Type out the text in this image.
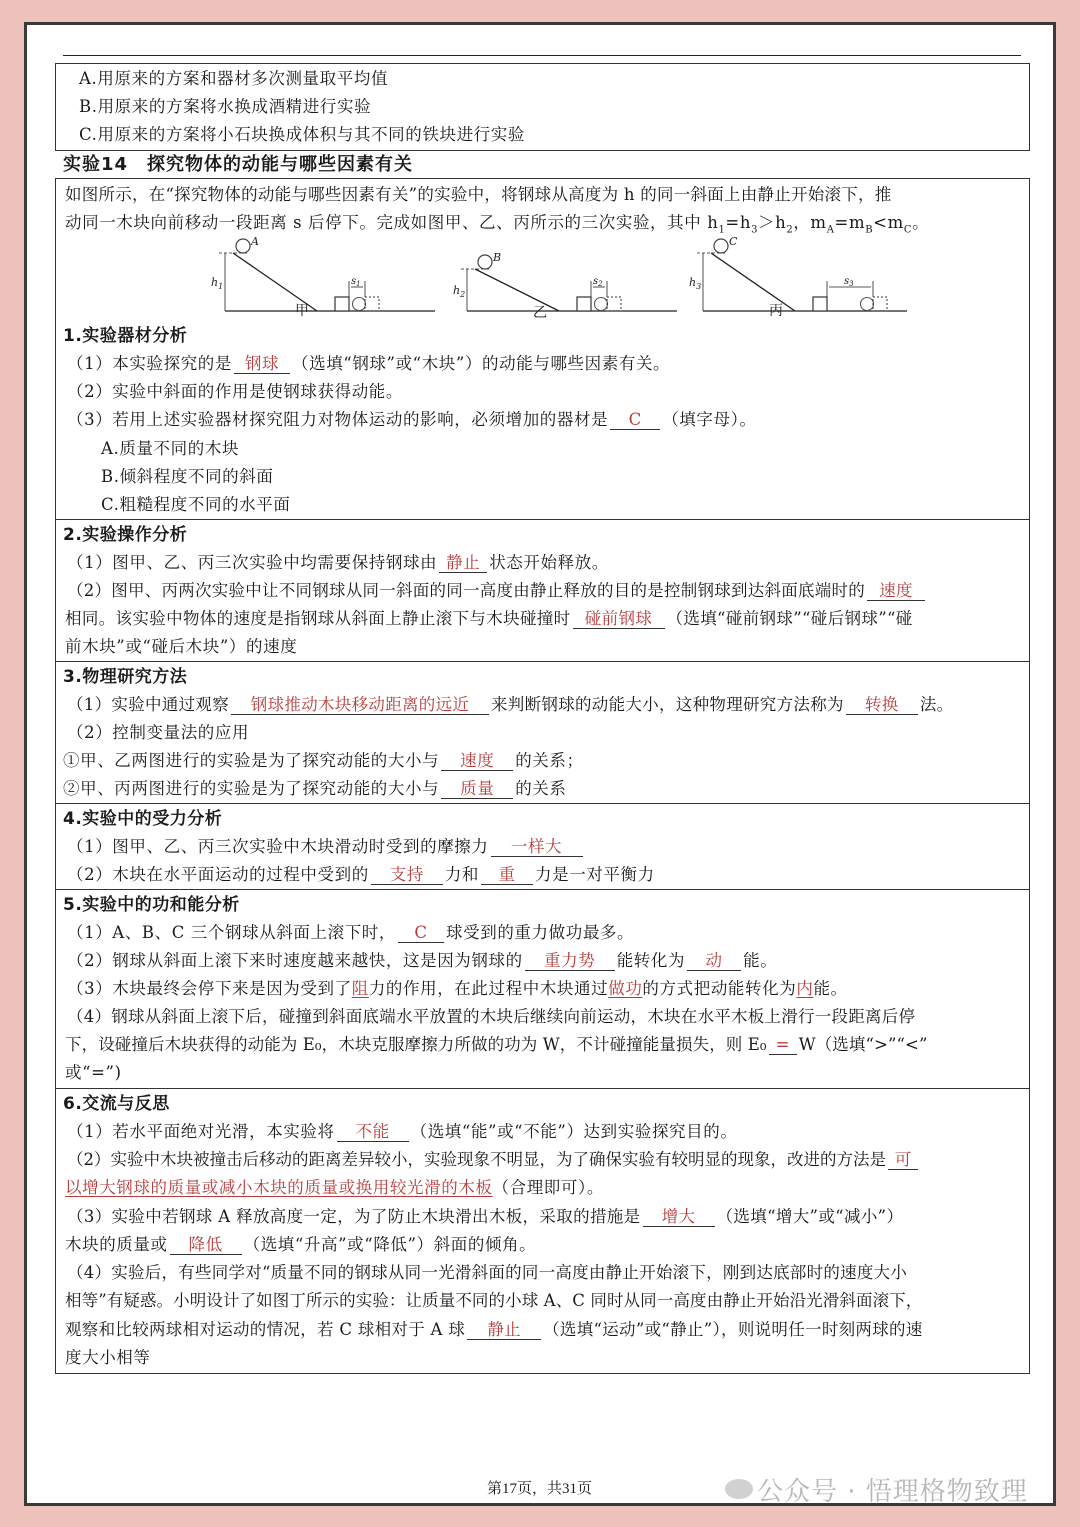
A.用原来的方案和器材多次测量取平均值
B.用原来的方案将水换成酒精进行实验
C.用原来的方案将小石块换成体积与其不同的铁块进行实验
实验14　探究物体的动能与哪些因素有关
如图所示，在“探究物体的动能与哪些因素有关”的实验中，将钢球从高度为 h 的同一斜面上由静止开始滚下，推
动同一木块向前移动一段距离 s 后停下。完成如图甲、乙、丙所示的三次实验，其中 $h_1=h_3>h_2$，$m_A=m_B<m_C$。
$h_1$
A
$s_1$	$h_2$
B
$s_2$	$h_3$
C
$s_3$
甲	乙	丙
1.实验器材分析
（1）本实验探究的是 钢球 （选填“钢球”或“木块”）的动能与哪些因素有关。
（2）实验中斜面的作用是使钢球获得动能。
（3）若用上述实验器材探究阻力对物体运动的影响，必须增加的器材是 C （填字母）。
A.质量不同的木块
B.倾斜程度不同的斜面
C.粗糙程度不同的水平面
2.实验操作分析
（1）图甲、乙、丙三次实验中均需要保持钢球由 静止 状态开始释放。
（2）图甲、丙两次实验中让不同钢球从同一斜面的同一高度由静止释放的目的是控制钢球到达斜面底端时的 速度
相同。该实验中物体的速度是指钢球从斜面上静止滚下与木块碰撞时 碰前钢球 （选填“碰前钢球”“碰后钢球”“碰
前木块”或“碰后木块”）的速度
3.物理研究方法
（1）实验中通过观察 钢球推动木块移动距离的远近 来判断钢球的动能大小，这种物理研究方法称为 转换 法。
（2）控制变量法的应用
①甲、乙两图进行的实验是为了探究动能的大小与 速度 的关系；
②甲、丙两图进行的实验是为了探究动能的大小与 质量 的关系
4.实验中的受力分析
（1）图甲、乙、丙三次实验中木块滑动时受到的摩擦力 一样大
（2）木块在水平面运动的过程中受到的 支持 力和 重 力是一对平衡力
5.实验中的功和能分析
（1）A、B、C 三个钢球从斜面上滚下时， C 球受到的重力做功最多。
（2）钢球从斜面上滚下来时速度越来越快，这是因为钢球的 重力势 能转化为 动 能。
（3）木块最终会停下来是因为受到了阻力的作用，在此过程中木块通过做功的方式把动能转化为内能。
（4）钢球从斜面上滚下后，碰撞到斜面底端水平放置的木块后继续向前运动，木块在水平木板上滑行一段距离后停
下，设碰撞后木块获得的动能为 E₀，木块克服摩擦力所做的功为 W，不计碰撞能量损失，则 E₀ = W（选填“>”“<”
或“=”)
6.交流与反思
（1）若水平面绝对光滑，本实验将 不能 （选填“能”或“不能”）达到实验探究目的。
（2）实验中木块被撞击后移动的距离差异较小，实验现象不明显，为了确保实验有较明显的现象，改进的方法是 可
以增大钢球的质量或减小木块的质量或换用较光滑的木板（合理即可）。
（3）实验中若钢球 A 释放高度一定，为了防止木块滑出木板，采取的措施是 增大 （选填“增大”或“减小”）
木块的质量或 降低 （选填“升高”或“降低”）斜面的倾角。
（4）实验后，有些同学对“质量不同的钢球从同一光滑斜面的同一高度由静止开始滚下，刚到达底部时的速度大小
相等”有疑惑。小明设计了如图丁所示的实验：让质量不同的小球 A、C 同时从同一高度由静止开始沿光滑斜面滚下，
观察和比较两球相对运动的情况，若 C 球相对于 A 球 静止 （选填“运动”或“静止”），则说明任一时刻两球的速
度大小相等
第17页，共31页	公众号 · 悟理格物致理
